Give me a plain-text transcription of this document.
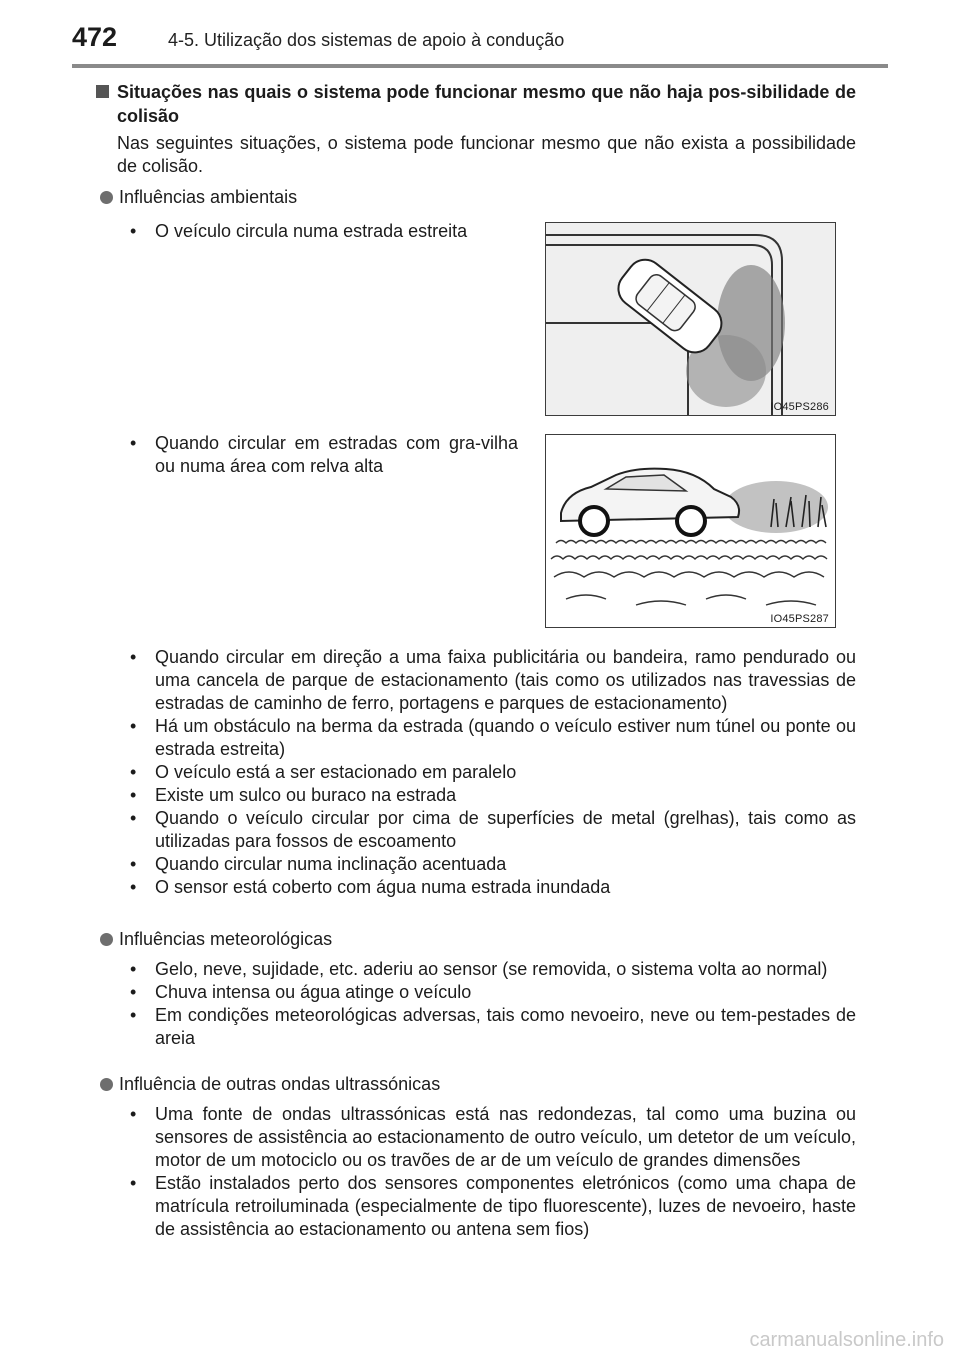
472	4-5. Utilização dos sistemas de apoio à condução
Situações nas quais o sistema pode funcionar mesmo que não haja pos-sibilidade de colisão
Nas seguintes situações, o sistema pode funcionar mesmo que não exista a possibilidade de colisão.
Influências ambientais
• O veículo circula numa estrada estreita
IO45PS286
• Quando circular em estradas com gra-vilha ou numa área com relva alta
IO45PS287
• Quando circular em direção a uma faixa publicitária ou bandeira, ramo pendurado ou uma cancela de parque de estacionamento (tais como os utilizados nas travessias de estradas de caminho de ferro, portagens e parques de estacionamento)
• Há um obstáculo na berma da estrada (quando o veículo estiver num túnel ou ponte ou estrada estreita)
• O veículo está a ser estacionado em paralelo
• Existe um sulco ou buraco na estrada
• Quando o veículo circular por cima de superfícies de metal (grelhas), tais como as utilizadas para fossos de escoamento
• Quando circular numa inclinação acentuada
• O sensor está coberto com água numa estrada inundada
Influências meteorológicas
• Gelo, neve, sujidade, etc. aderiu ao sensor (se removida, o sistema volta ao normal)
• Chuva intensa ou água atinge o veículo
• Em condições meteorológicas adversas, tais como nevoeiro, neve ou tem-pestades de areia
Influência de outras ondas ultrassónicas
• Uma fonte de ondas ultrassónicas está nas redondezas, tal como uma buzina ou sensores de assistência ao estacionamento de outro veículo, um detetor de um veículo, motor de um motociclo ou os travões de ar de um veículo de grandes dimensões
• Estão instalados perto dos sensores componentes eletrónicos (como uma chapa de matrícula retroiluminada (especialmente de tipo fluorescente), luzes de nevoeiro, haste de assistência ao estacionamento ou antena sem fios)
carmanualsonline.info
